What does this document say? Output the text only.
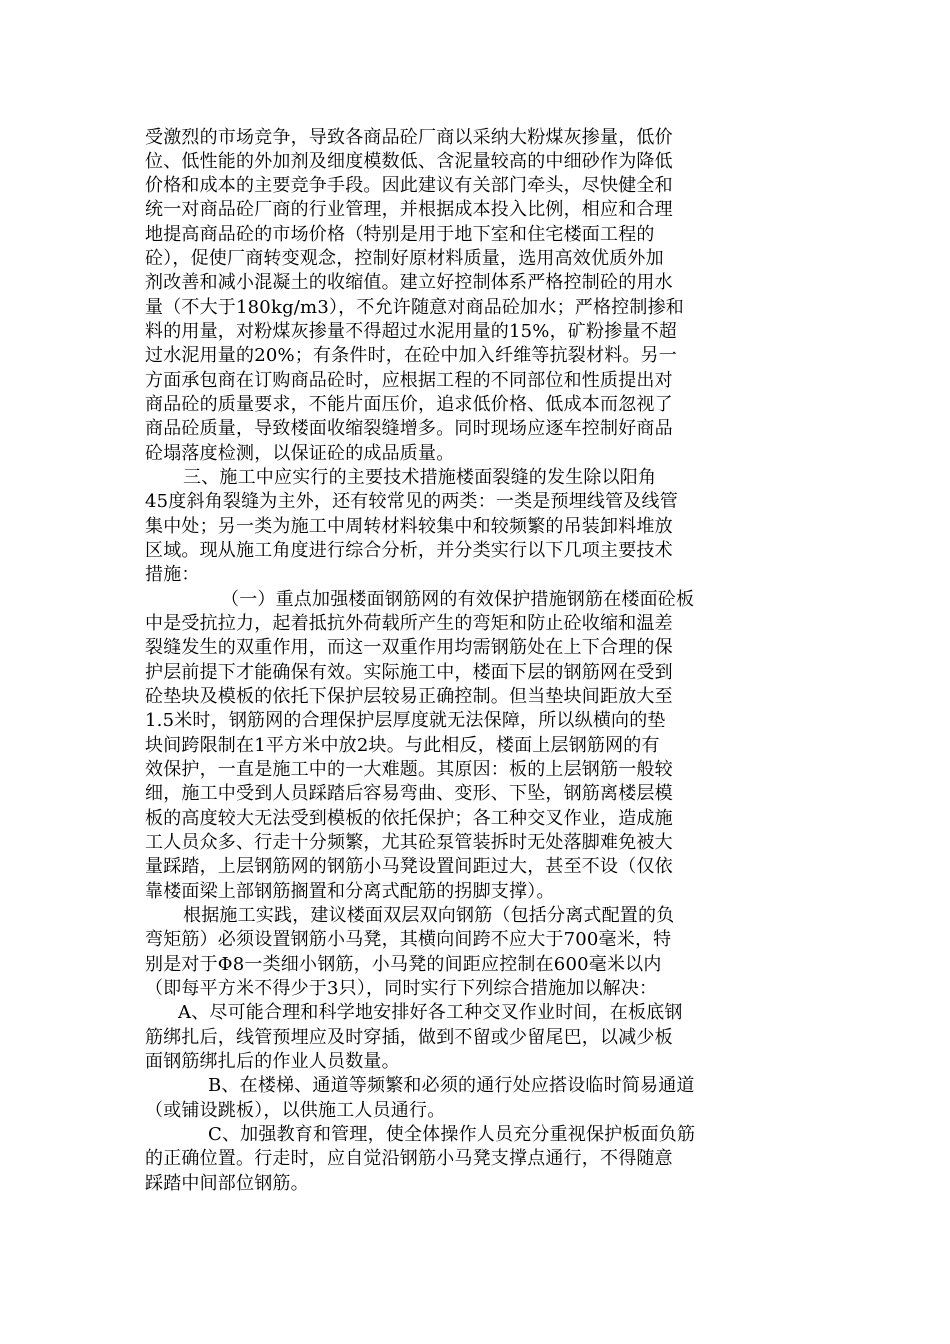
受激烈的市场竞争，导致各商品砼厂商以采纳大粉煤灰掺量，低价
位、低性能的外加剂及细度模数低、含泥量较高的中细砂作为降低
价格和成本的主要竞争手段。因此建议有关部门牵头，尽快健全和
统一对商品砼厂商的行业管理，并根据成本投入比例，相应和合理
地提高商品砼的市场价格（特别是用于地下室和住宅楼面工程的
砼），促使厂商转变观念，控制好原材料质量，选用高效优质外加
剂改善和减小混凝土的收缩值。建立好控制体系严格控制砼的用水
量（不大于180kg/m3），不允许随意对商品砼加水；严格控制掺和
料的用量，对粉煤灰掺量不得超过水泥用量的15%，矿粉掺量不超
过水泥用量的20%；有条件时，在砼中加入纤维等抗裂材料。另一
方面承包商在订购商品砼时，应根据工程的不同部位和性质提出对
商品砼的质量要求，不能片面压价，追求低价格、低成本而忽视了
商品砼质量，导致楼面收缩裂缝增多。同时现场应逐车控制好商品
砼塌落度检测，以保证砼的成品质量。
三、施工中应实行的主要技术措施楼面裂缝的发生除以阳角
45度斜角裂缝为主外，还有较常见的两类：一类是预埋线管及线管
集中处；另一类为施工中周转材料较集中和较频繁的吊装卸料堆放
区域。现从施工角度进行综合分析，并分类实行以下几项主要技术
措施：
（一）重点加强楼面钢筋网的有效保护措施钢筋在楼面砼板
中是受抗拉力，起着抵抗外荷载所产生的弯矩和防止砼收缩和温差
裂缝发生的双重作用，而这一双重作用均需钢筋处在上下合理的保
护层前提下才能确保有效。实际施工中，楼面下层的钢筋网在受到
砼垫块及模板的依托下保护层较易正确控制。但当垫块间距放大至
1.5米时，钢筋网的合理保护层厚度就无法保障，所以纵横向的垫
块间跨限制在1平方米中放2块。与此相反，楼面上层钢筋网的有
效保护，一直是施工中的一大难题。其原因：板的上层钢筋一般较
细，施工中受到人员踩踏后容易弯曲、变形、下坠，钢筋离楼层模
板的高度较大无法受到模板的依托保护；各工种交叉作业，造成施
工人员众多、行走十分频繁，尤其砼泵管装拆时无处落脚难免被大
量踩踏，上层钢筋网的钢筋小马凳设置间距过大，甚至不设（仅依
靠楼面梁上部钢筋搁置和分离式配筋的拐脚支撑）。
根据施工实践，建议楼面双层双向钢筋（包括分离式配置的负
弯矩筋）必须设置钢筋小马凳，其横向间跨不应大于700毫米，特
别是对于Φ8一类细小钢筋，小马凳的间距应控制在600毫米以内
（即每平方米不得少于3只），同时实行下列综合措施加以解决：
A、尽可能合理和科学地安排好各工种交叉作业时间，在板底钢
筋绑扎后，线管预埋应及时穿插，做到不留或少留尾巴，以减少板
面钢筋绑扎后的作业人员数量。
B、在楼梯、通道等频繁和必须的通行处应搭设临时简易通道
（或铺设跳板），以供施工人员通行。
C、加强教育和管理，使全体操作人员充分重视保护板面负筋
的正确位置。行走时，应自觉沿钢筋小马凳支撑点通行，不得随意
踩踏中间部位钢筋。
